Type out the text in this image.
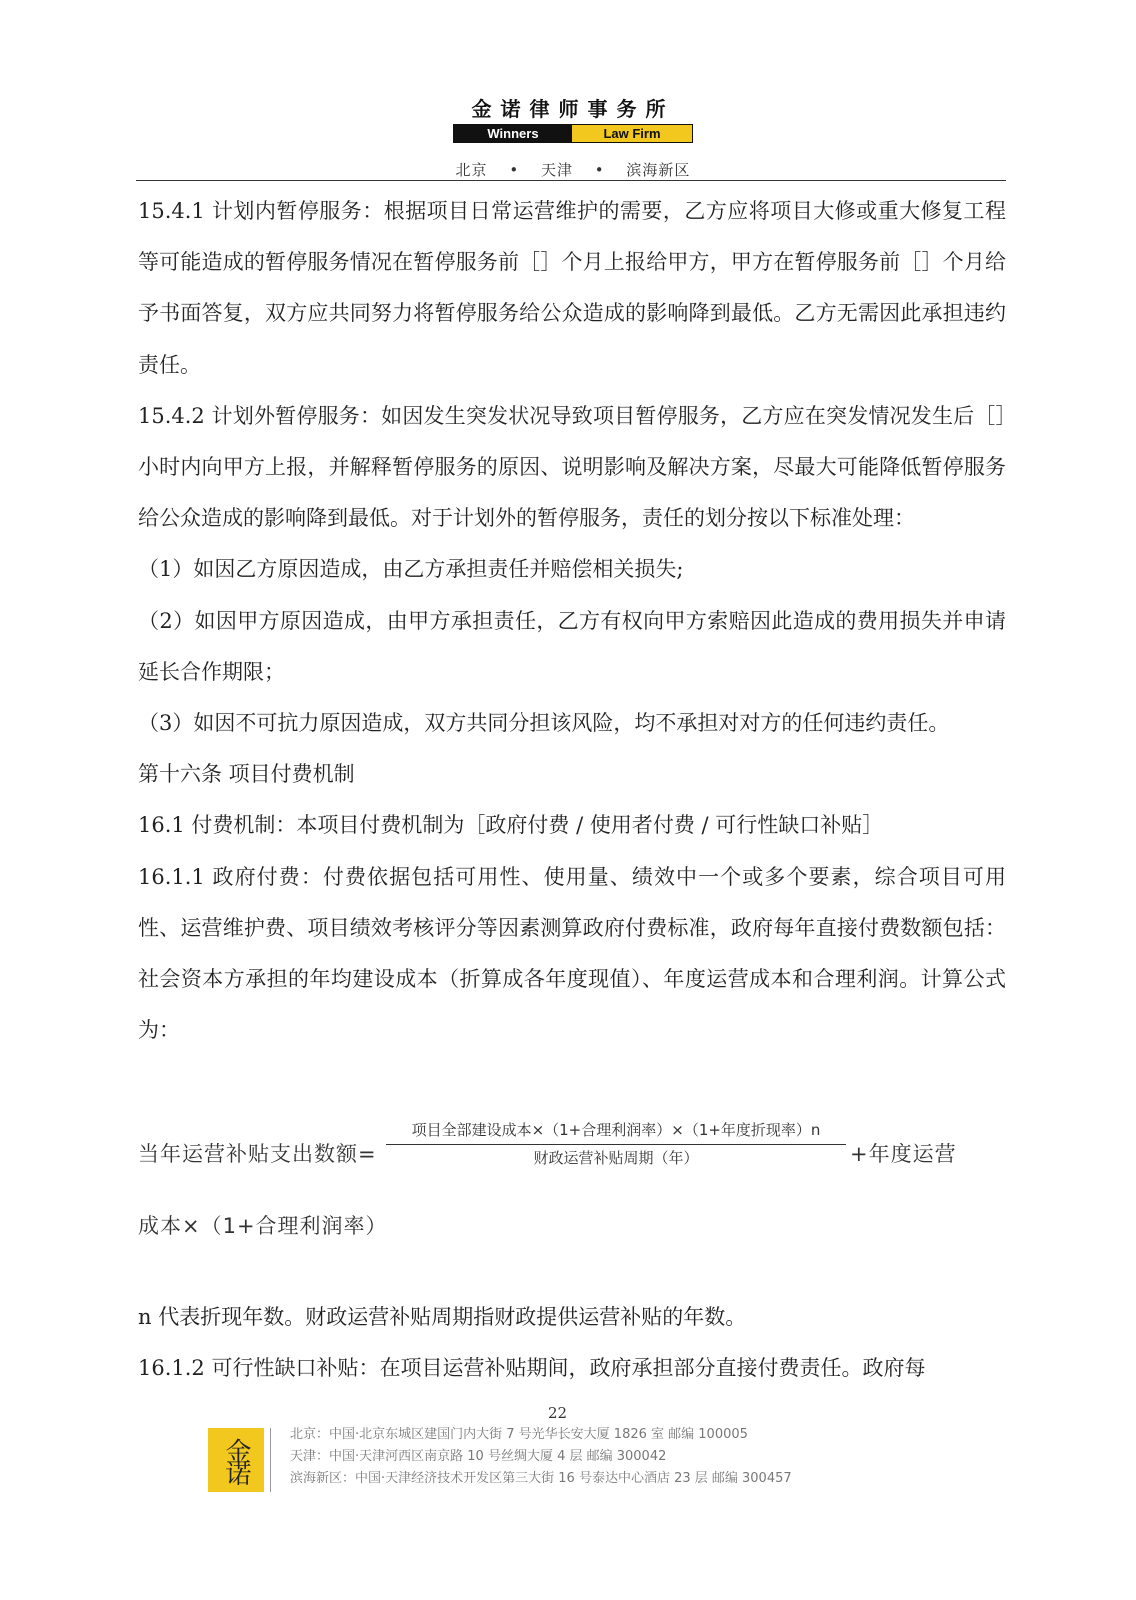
金诺律师事务所
Winners	Law Firm
北京 • 天津 • 滨海新区

15.4.1 计划内暂停服务：根据项目日常运营维护的需要，乙方应将项目大修或重大修复工程等可能造成的暂停服务情况在暂停服务前［］个月上报给甲方，甲方在暂停服务前［］个月给予书面答复，双方应共同努力将暂停服务给公众造成的影响降到最低。乙方无需因此承担违约责任。

15.4.2 计划外暂停服务：如因发生突发状况导致项目暂停服务，乙方应在突发情况发生后［］小时内向甲方上报，并解释暂停服务的原因、说明影响及解决方案，尽最大可能降低暂停服务给公众造成的影响降到最低。对于计划外的暂停服务，责任的划分按以下标准处理：

（1）如因乙方原因造成，由乙方承担责任并赔偿相关损失;

（2）如因甲方原因造成，由甲方承担责任，乙方有权向甲方索赔因此造成的费用损失并申请延长合作期限；

（3）如因不可抗力原因造成，双方共同分担该风险，均不承担对对方的任何违约责任。

第十六条 项目付费机制

16.1 付费机制：本项目付费机制为［政府付费 / 使用者付费 / 可行性缺口补贴］

16.1.1 政府付费：付费依据包括可用性、使用量、绩效中一个或多个要素，综合项目可用性、运营维护费、项目绩效考核评分等因素测算政府付费标准，政府每年直接付费数额包括：社会资本方承担的年均建设成本（折算成各年度现值）、年度运营成本和合理利润。计算公式为：

当年运营补贴支出数额=
项目全部建设成本×（1+合理利润率）×（1+年度折现率）n
财政运营补贴周期（年）	+年度运营
成本×（1+合理利润率）

n 代表折现年数。财政运营补贴周期指财政提供运营补贴的年数。

16.1.2 可行性缺口补贴：在项目运营补贴期间，政府承担部分直接付费责任。政府每

22
金诺
北京：中国·北京东城区建国门内大街 7 号光华长安大厦 1826 室 邮编 100005
天津：中国·天津河西区南京路 10 号丝绸大厦 4 层 邮编 300042
滨海新区：中国·天津经济技术开发区第三大街 16 号泰达中心酒店 23 层 邮编 300457
